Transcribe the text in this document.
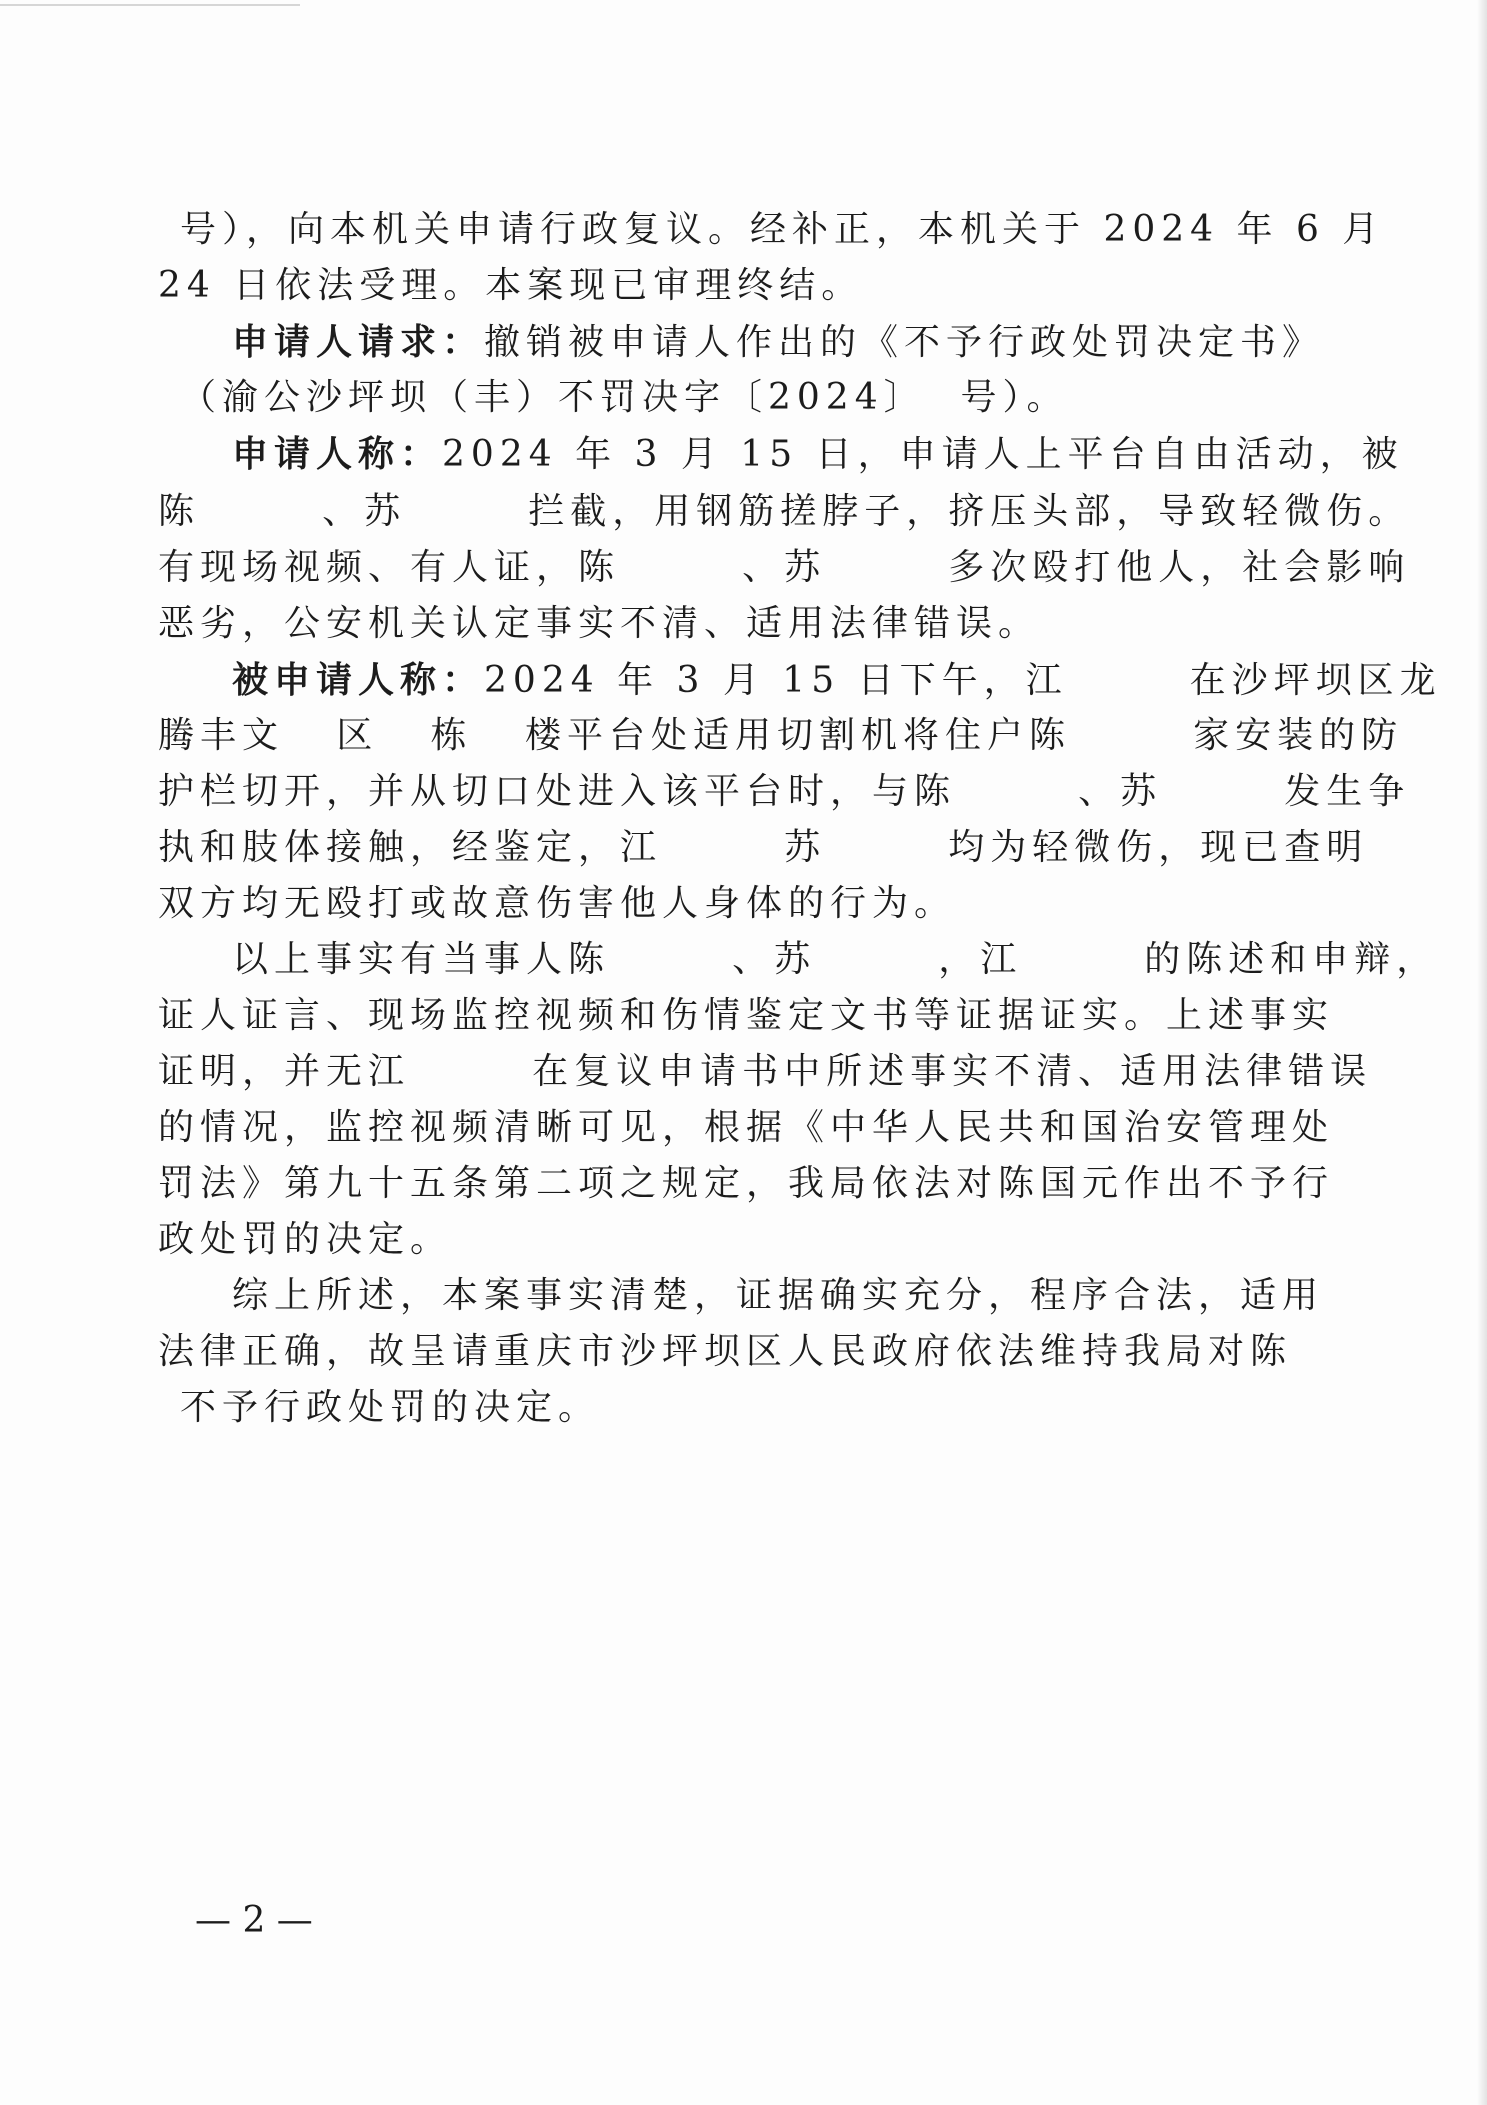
号），向本机关申请行政复议。经补正，本机关于 2024 年 6 月
24 日依法受理。本案现已审理终结。
申请人请求：撤销被申请人作出的《不予行政处罚决定书》
（渝公沙坪坝（丰）不罚决字〔2024〕  号）。
申请人称：2024 年 3 月 15 日，申请人上平台自由活动，被
陈       、苏       拦截，用钢筋搓脖子，挤压头部，导致轻微伤。
有现场视频、有人证，陈       、苏       多次殴打他人，社会影响
恶劣，公安机关认定事实不清、适用法律错误。
被申请人称：2024 年 3 月 15 日下午，江       在沙坪坝区龙
腾丰文   区   栋   楼平台处适用切割机将住户陈       家安装的防
护栏切开，并从切口处进入该平台时，与陈       、苏       发生争
执和肢体接触，经鉴定，江       苏       均为轻微伤，现已查明
双方均无殴打或故意伤害他人身体的行为。
以上事实有当事人陈       、苏       ，江       的陈述和申辩，
证人证言、现场监控视频和伤情鉴定文书等证据证实。上述事实
证明，并无江       在复议申请书中所述事实不清、适用法律错误
的情况，监控视频清晰可见，根据《中华人民共和国治安管理处
罚法》第九十五条第二项之规定，我局依法对陈国元作出不予行
政处罚的决定。
综上所述，本案事实清楚，证据确实充分，程序合法，适用
法律正确，故呈请重庆市沙坪坝区人民政府依法维持我局对陈
不予行政处罚的决定。
— 2 —
